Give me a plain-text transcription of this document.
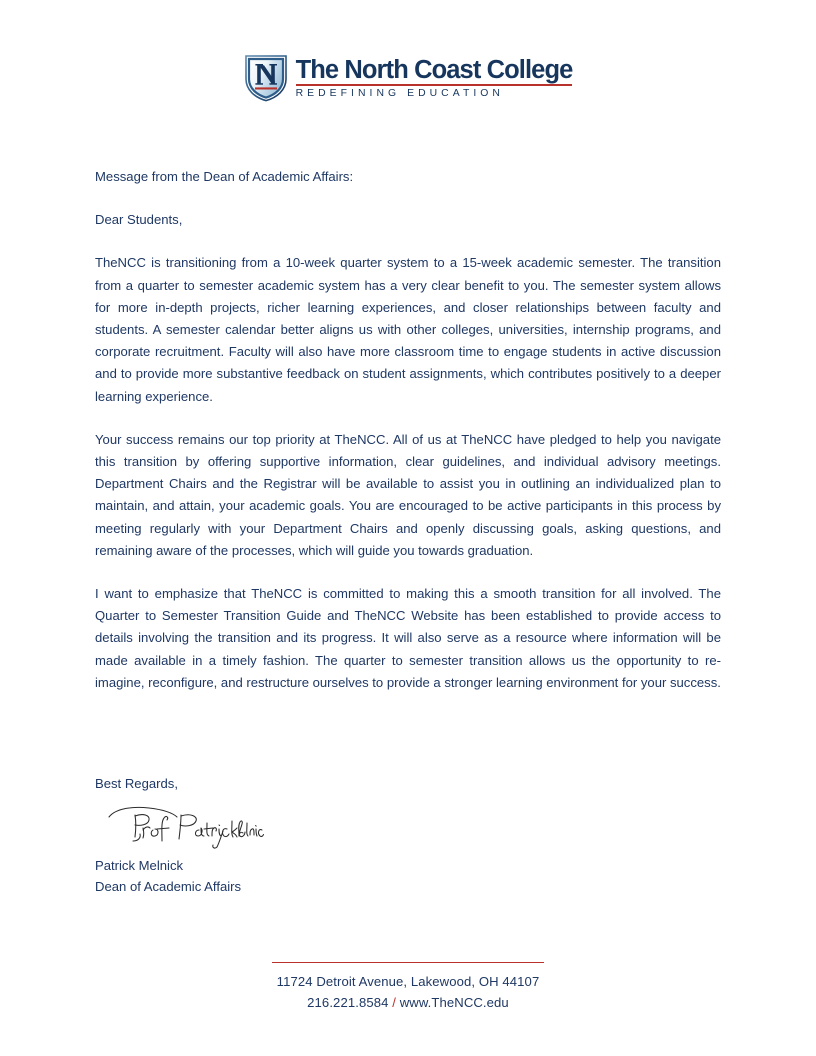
The North Coast College
REDEFINING EDUCATION

Message from the Dean of Academic Affairs:

Dear Students,

TheNCC is transitioning from a 10-week quarter system to a 15-week academic semester. The transition from a quarter to semester academic system has a very clear benefit to you. The semester system allows for more in-depth projects, richer learning experiences, and closer relationships between faculty and students. A semester calendar better aligns us with other colleges, universities, internship programs, and corporate recruitment. Faculty will also have more classroom time to engage students in active discussion and to provide more substantive feedback on student assignments, which contributes positively to a deeper learning experience.

Your success remains our top priority at TheNCC. All of us at TheNCC have pledged to help you navigate this transition by offering supportive information, clear guidelines, and individual advisory meetings. Department Chairs and the Registrar will be available to assist you in outlining an individualized plan to maintain, and attain, your academic goals. You are encouraged to be active participants in this process by meeting regularly with your Department Chairs and openly discussing goals, asking questions, and remaining aware of the processes, which will guide you towards graduation.

I want to emphasize that TheNCC is committed to making this a smooth transition for all involved. The Quarter to Semester Transition Guide and TheNCC Website has been established to provide access to details involving the transition and its progress. It will also serve as a resource where information will be made available in a timely fashion. The quarter to semester transition allows us the opportunity to re-imagine, reconfigure, and restructure ourselves to provide a stronger learning environment for your success.

Best Regards,

Patrick Melnick

Dean of Academic Affairs

11724 Detroit Avenue, Lakewood, OH 44107
216.221.8584 / www.TheNCC.edu
